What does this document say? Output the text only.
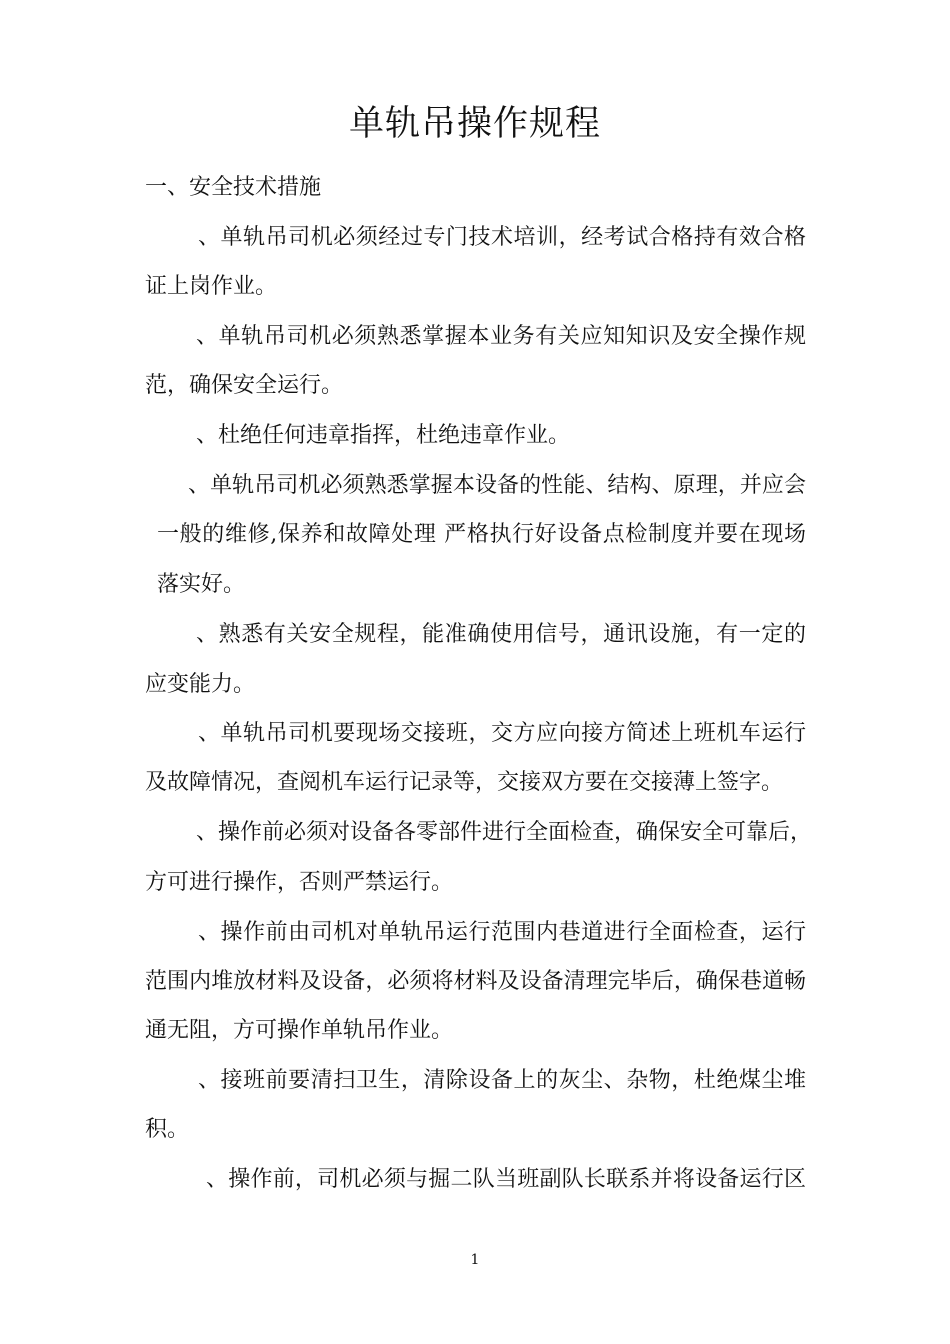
单轨吊操作规程
一、安全技术措施
、单轨吊司机必须经过专门技术培训，经考试合格持有效合格
证上岗作业。
、单轨吊司机必须熟悉掌握本业务有关应知知识及安全操作规
范，确保安全运行。
、杜绝任何违章指挥，杜绝违章作业。
、单轨吊司机必须熟悉掌握本设备的性能、结构、原理，并应会
一般的维修,保养和故障处理 严格执行好设备点检制度并要在现场
落实好。
、熟悉有关安全规程，能准确使用信号，通讯设施，有一定的
应变能力。
、单轨吊司机要现场交接班，交方应向接方简述上班机车运行
及故障情况，查阅机车运行记录等，交接双方要在交接薄上签字。
、操作前必须对设备各零部件进行全面检查，确保安全可靠后，
方可进行操作，否则严禁运行。
、操作前由司机对单轨吊运行范围内巷道进行全面检查，运行
范围内堆放材料及设备，必须将材料及设备清理完毕后，确保巷道畅
通无阻，方可操作单轨吊作业。
、接班前要清扫卫生，清除设备上的灰尘、杂物，杜绝煤尘堆
积。
、操作前，司机必须与掘二队当班副队长联系并将设备运行区
1
